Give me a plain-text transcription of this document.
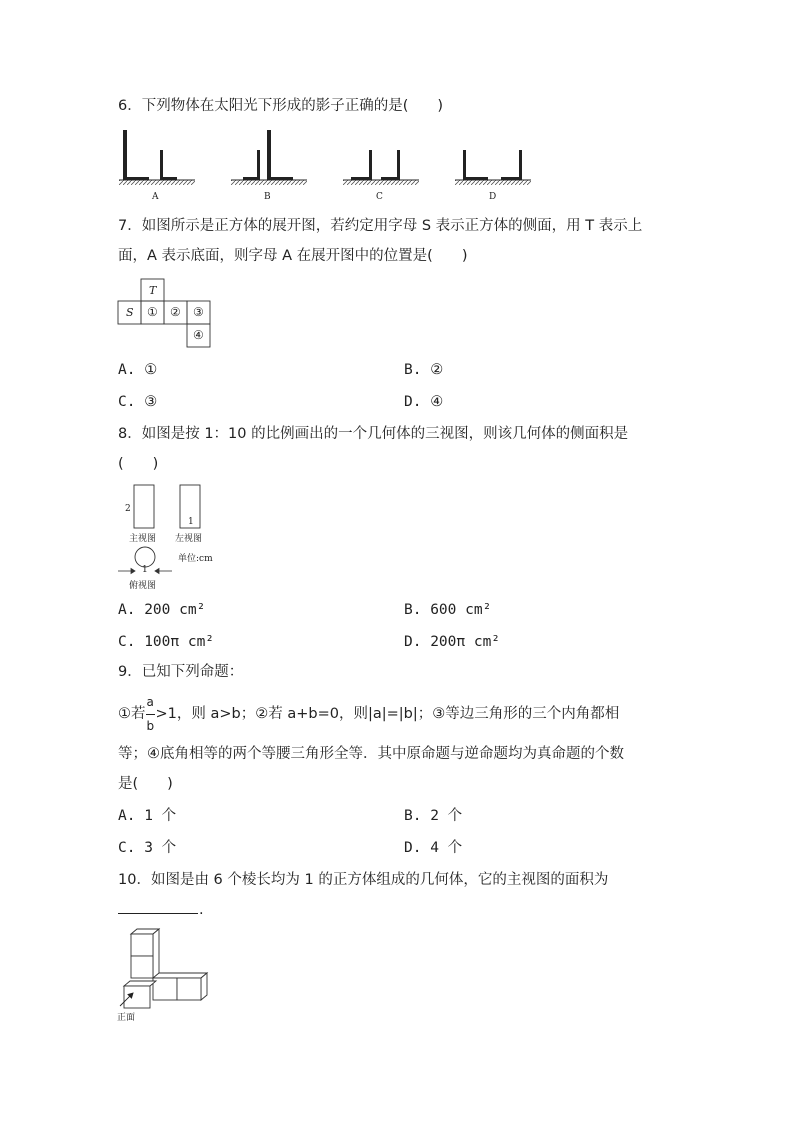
6．下列物体在太阳光下形成的影子正确的是(　　)
A	B	C	D
7．如图所示是正方体的展开图，若约定用字母 S 表示正方体的侧面，用 T 表示上
面，A 表示底面，则字母 A 在展开图中的位置是(　　)
T
S ① ② ③
④
A. ①	B. ②
C. ③	D. ④
8．如图是按 1：10 的比例画出的一个几何体的三视图，则该几何体的侧面积是
(　　)
2
主视图
1
左视图
单位:cm
1
俯视图
A. 200 cm²	B. 600 cm²
C. 100π cm²	D. 200π cm²
9．已知下列命题：
①若 $\frac{a}{b} >1$，则 a>b；②若 a+b=0，则|a|=|b|；③等边三角形的三个内角都相
等；④底角相等的两个等腰三角形全等．其中原命题与逆命题均为真命题的个数
是(　　)
A. 1 个	B. 2 个
C. 3 个	D. 4 个
10．如图是由 6 个棱长均为 1 的正方体组成的几何体，它的主视图的面积为
.
正面
